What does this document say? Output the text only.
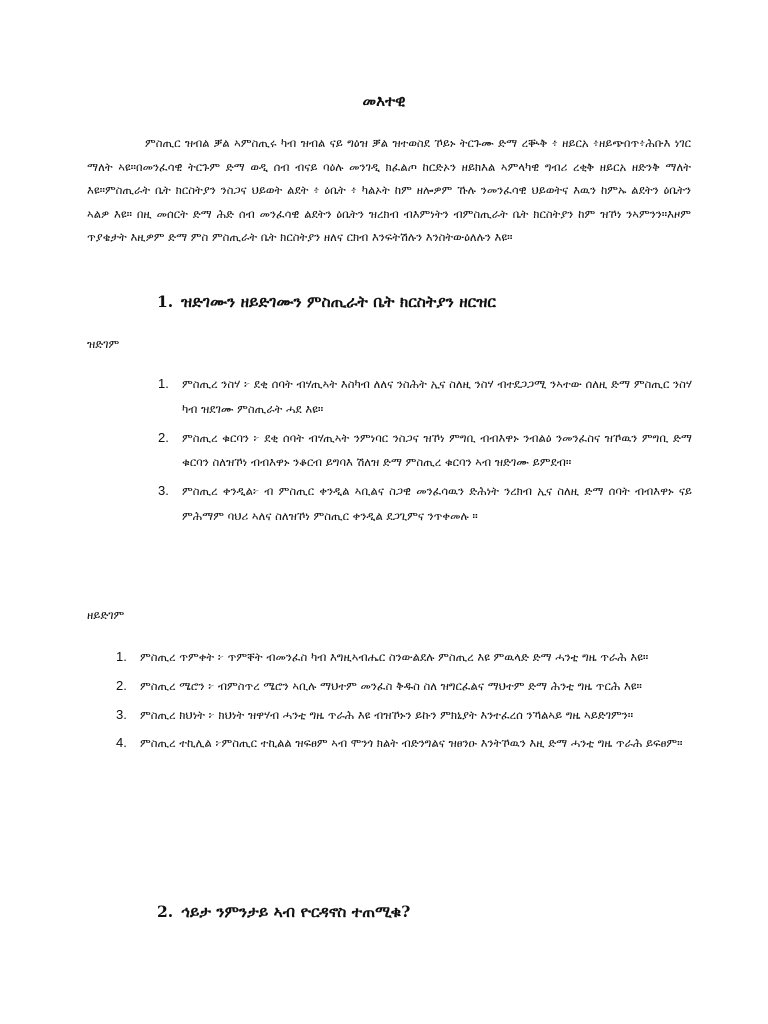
መእተዊ

ምስጢር ዝብል ቓል ኣምስጢሩ ካብ ዝብል ናይ ግዕዝ ቓል ዝተወስደ ኾይኑ ትርጉሙ ድማ ረቚቅ ፥ ዘይርአ ፥ዘይጭበጥ፥ሕቡእ ነገር ማለት ኣዩ።በመንፈሳዊ ትርጉም ድማ ወዲ ሰብ ብናይ ባዕሉ መንገዲ ክፈልጦ ከርድኦን ዘይክእል ኣምላካዊ ግብሪ ረቂቅ ዘይርአ ዘድንቅ ማለት እዩ።ምስጢራት ቤት ክርስትያን ንስጋና ህይወት ልደት ፥ ዕቤት ፥ ካልኦት ከም ዘሎዎም ኹሉ ንመንፈሳዊ ህይወትና እዉን ከምኡ ልደትን ዕቤትን ኣልዎ እዩ። በዚ መሰርት ድማ ሕድ ሰብ መንፈሳዊ ልደትን ዕቤትን ዝረክብ ብእምነትን ብምስጢራት ቤት ክርስትያን ከም ዝኾነ ንኣምንን።እዞም ጥያቄታት እዚዎም ድማ ምስ ምስጢራት ቤት ክርስትያን ዘለና ርክብ እንፍትሽሉን እንስትውዕለሉን እዩ።

1. ዝድገሙን ዘይድገሙን ምስጢራት ቤት ክርስትያን ዘርዝር
ዝድገም
1. ምስጢረ ንስሃ ፦ ደቂ ሰባት ብሃጢኣት እስካብ ለለና ንስሕት ኢና ስለዚ ንስሃ ብተደጋጋሚ ንኣተው ሰለዚ ድማ ምስጢር ንስሃ ካብ ዝደገሙ ምስጢራት ሓደ እዩ።
2. ምስጢረ ቁርባን ፦ ደቂ ሰባት ብሃጢኣት ንምነባር ንስጋና ዝኾነ ምግቢ ብብእዋኑ ንብልዕ ንመንፈስና ዝኾዉን ምግቢ ድማ ቁርባን ስለዝኾነ ብብእዋኑ ንቆርብ ይግባእ ሽለዝ ድማ ምስጢረ ቁርባን ኣብ ዝድገሙ ይምደብ።
3. ምስጢረ ቀንዲል፦ ብ ምስጢር ቀንዲል ኣቢልና ስጋዊ መንፈሳዉን ድሕነት ንረክብ ኢና ስለዚ ድማ ሰባት ብብእዋኑ ናይ ምሕማም ባህሪ ኣለና ስለዝኾነ ምስጢር ቀንዲል ደጋጊምና ንጥቀመሉ ።
ዘይድገም
1. ምስጢረ ጥምቀት ፦ ጥምቐት ብመንፈስ ካብ እግዚኣብሔር ስንውልደሉ ምስጢረ እዩ ምዉላድ ድማ ሓንቲ ግዜ ጥራሕ እዩ።
2. ምስጢረ ሜሮን ፦ ብምስጥረ ሜሮን ኣቢሉ ማህተም መንፈስ ቅዱስ ስለ ዝግርፈልና ማህተም ድማ ሕንቲ ግዜ ጥርሕ እዩ።
3. ምስጢረ ክህነት ፦ ክህነት ዝዋሃብ ሓንቲ ግዜ ጥራሕ እዩ ብዝኾኑን ይኩን ምክኒያት እንተፈረሰ ንኻልኣይ ግዜ ኣይድገምን።
4. ምስጢረ ተኪሊል ፦ምስጢር ተኪልል ዝፍፀም ኣብ ሞንጎ ክልት ብድንግልና ዝፀንዑ እንትኾዉን እዚ ድማ ሓንቲ ግዜ ጥራሕ ይፍፀም።
2. ኅይታ ንምንታይ ኣብ ዮርዳኖስ ተጠሚቁ?
